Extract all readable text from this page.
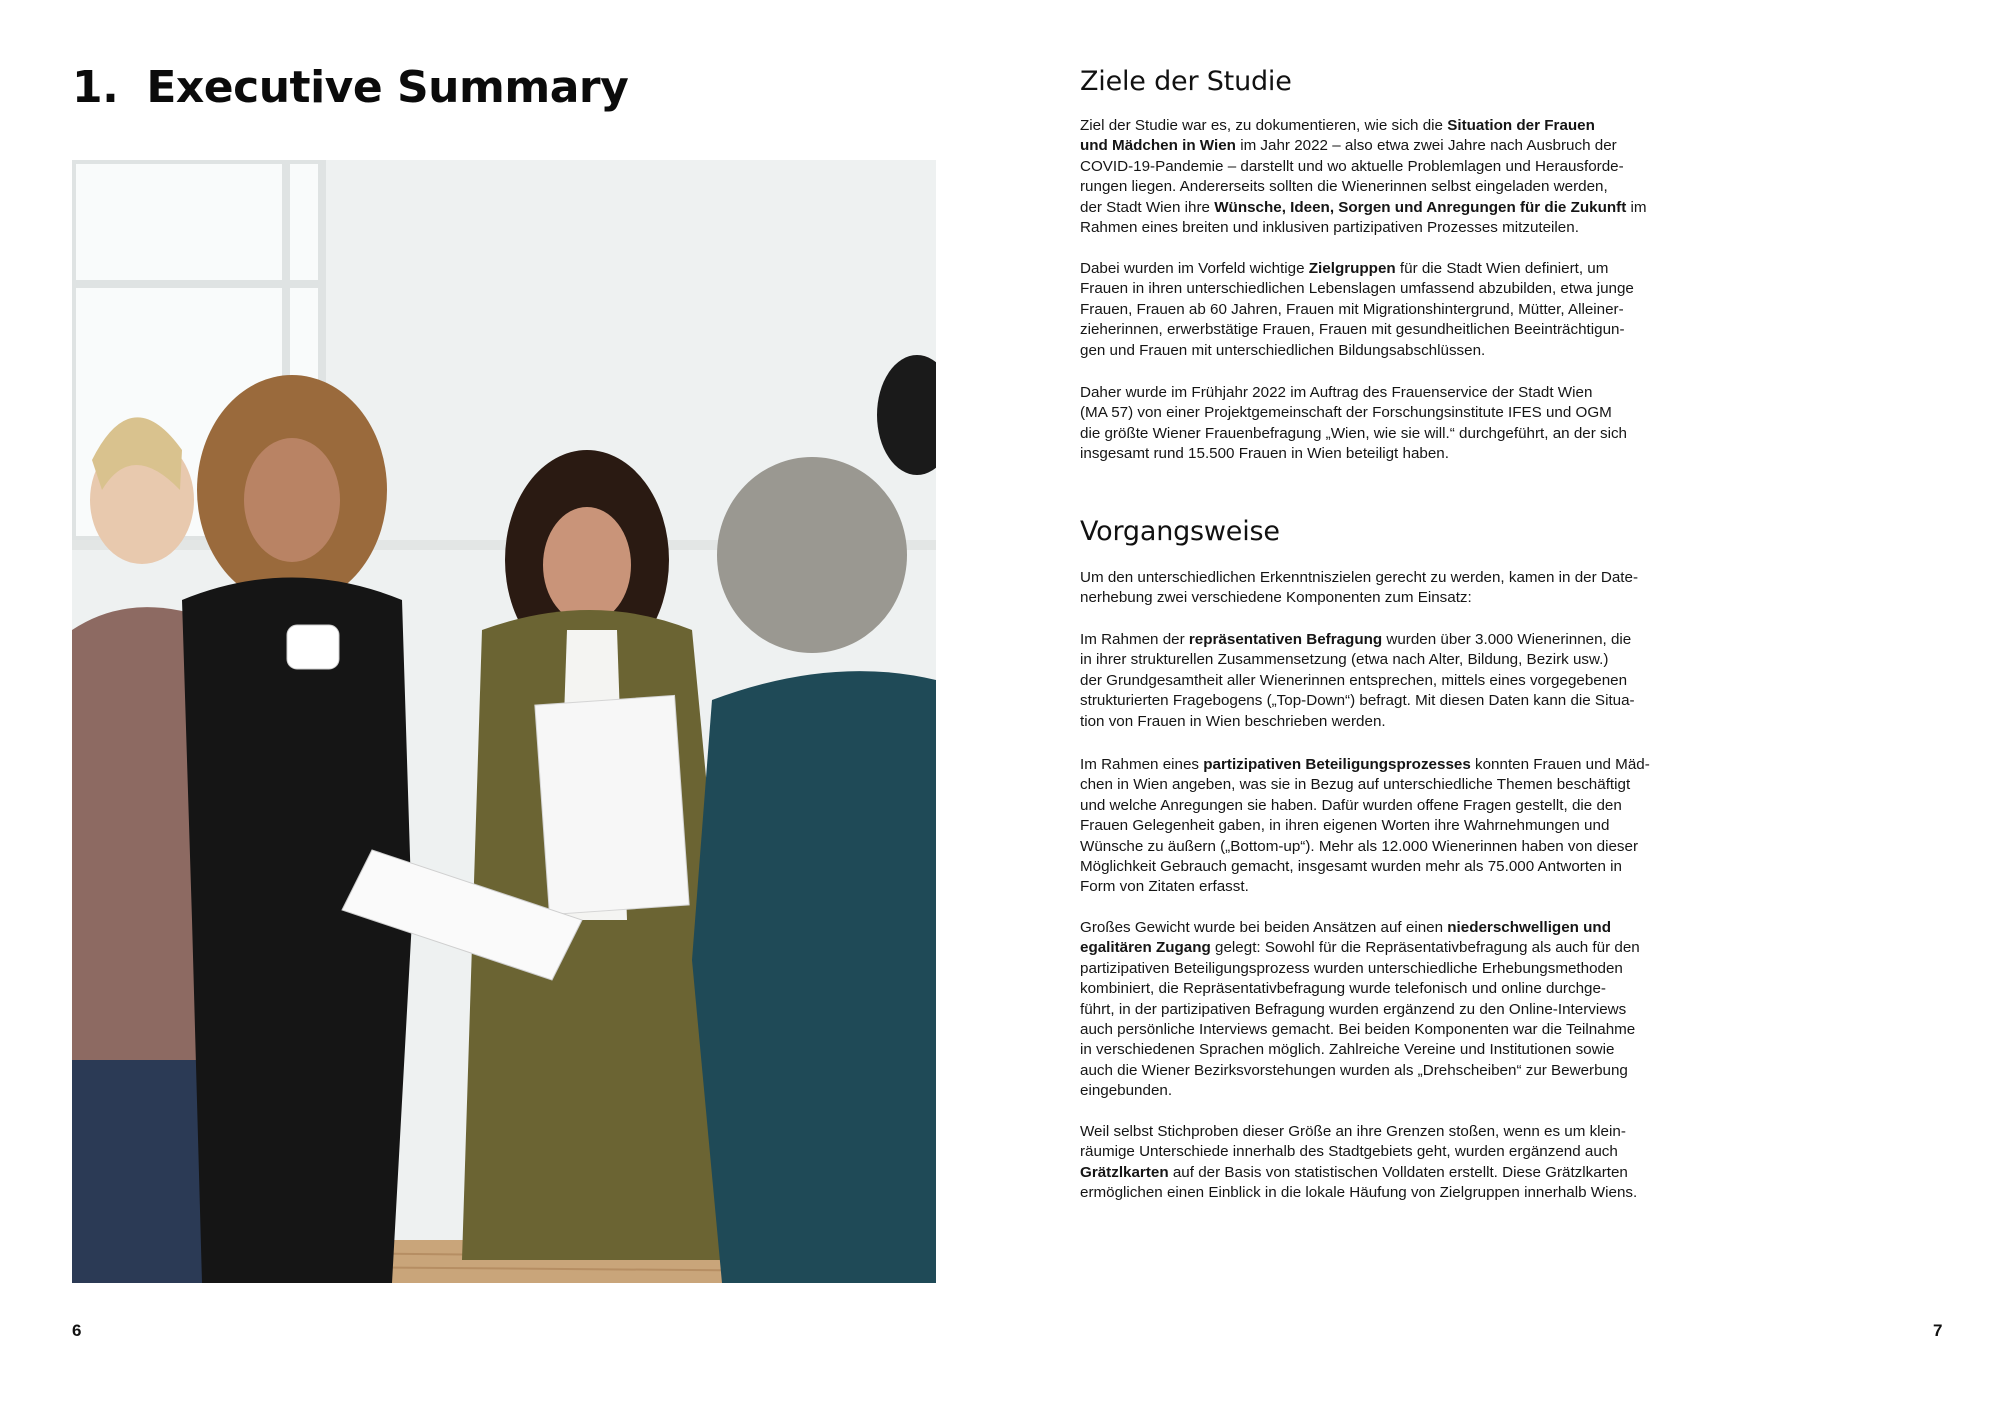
1. Executive Summary

6

Ziele der Studie

Ziel der Studie war es, zu dokumentieren, wie sich die Situation der Frauen
und Mädchen in Wien im Jahr 2022 – also etwa zwei Jahre nach Ausbruch der
COVID-19-Pandemie – darstellt und wo aktuelle Problemlagen und Herausforde-
rungen liegen. Andererseits sollten die Wienerinnen selbst eingeladen werden,
der Stadt Wien ihre Wünsche, Ideen, Sorgen und Anregungen für die Zukunft im
Rahmen eines breiten und inklusiven partizipativen Prozesses mitzuteilen.

Dabei wurden im Vorfeld wichtige Zielgruppen für die Stadt Wien definiert, um
Frauen in ihren unterschiedlichen Lebenslagen umfassend abzubilden, etwa junge
Frauen, Frauen ab 60 Jahren, Frauen mit Migrationshintergrund, Mütter, Alleiner-
zieherinnen, erwerbstätige Frauen, Frauen mit gesundheitlichen Beeinträchtigun-
gen und Frauen mit unterschiedlichen Bildungsabschlüssen.

Daher wurde im Frühjahr 2022 im Auftrag des Frauenservice der Stadt Wien
(MA 57) von einer Projektgemeinschaft der Forschungsinstitute IFES und OGM
die größte Wiener Frauenbefragung „Wien, wie sie will.“ durchgeführt, an der sich
insgesamt rund 15.500 Frauen in Wien beteiligt haben.

Vorgangsweise

Um den unterschiedlichen Erkenntniszielen gerecht zu werden, kamen in der Date-
nerhebung zwei verschiedene Komponenten zum Einsatz:

Im Rahmen der repräsentativen Befragung wurden über 3.000 Wienerinnen, die
in ihrer strukturellen Zusammensetzung (etwa nach Alter, Bildung, Bezirk usw.)
der Grundgesamtheit aller Wienerinnen entsprechen, mittels eines vorgegebenen
strukturierten Fragebogens („Top-Down“) befragt. Mit diesen Daten kann die Situa-
tion von Frauen in Wien beschrieben werden.

Im Rahmen eines partizipativen Beteiligungsprozesses konnten Frauen und Mäd-
chen in Wien angeben, was sie in Bezug auf unterschiedliche Themen beschäftigt
und welche Anregungen sie haben. Dafür wurden offene Fragen gestellt, die den
Frauen Gelegenheit gaben, in ihren eigenen Worten ihre Wahrnehmungen und
Wünsche zu äußern („Bottom-up“). Mehr als 12.000 Wienerinnen haben von dieser
Möglichkeit Gebrauch gemacht, insgesamt wurden mehr als 75.000 Antworten in
Form von Zitaten erfasst.

Großes Gewicht wurde bei beiden Ansätzen auf einen niederschwelligen und
egalitären Zugang gelegt: Sowohl für die Repräsentativbefragung als auch für den
partizipativen Beteiligungsprozess wurden unterschiedliche Erhebungsmethoden
kombiniert, die Repräsentativbefragung wurde telefonisch und online durchge-
führt, in der partizipativen Befragung wurden ergänzend zu den Online-Interviews
auch persönliche Interviews gemacht. Bei beiden Komponenten war die Teilnahme
in verschiedenen Sprachen möglich. Zahlreiche Vereine und Institutionen sowie
auch die Wiener Bezirksvorstehungen wurden als „Drehscheiben“ zur Bewerbung
eingebunden.

Weil selbst Stichproben dieser Größe an ihre Grenzen stoßen, wenn es um klein-
räumige Unterschiede innerhalb des Stadtgebiets geht, wurden ergänzend auch
Grätzlkarten auf der Basis von statistischen Volldaten erstellt. Diese Grätzlkarten
ermöglichen einen Einblick in die lokale Häufung von Zielgruppen innerhalb Wiens.

7
